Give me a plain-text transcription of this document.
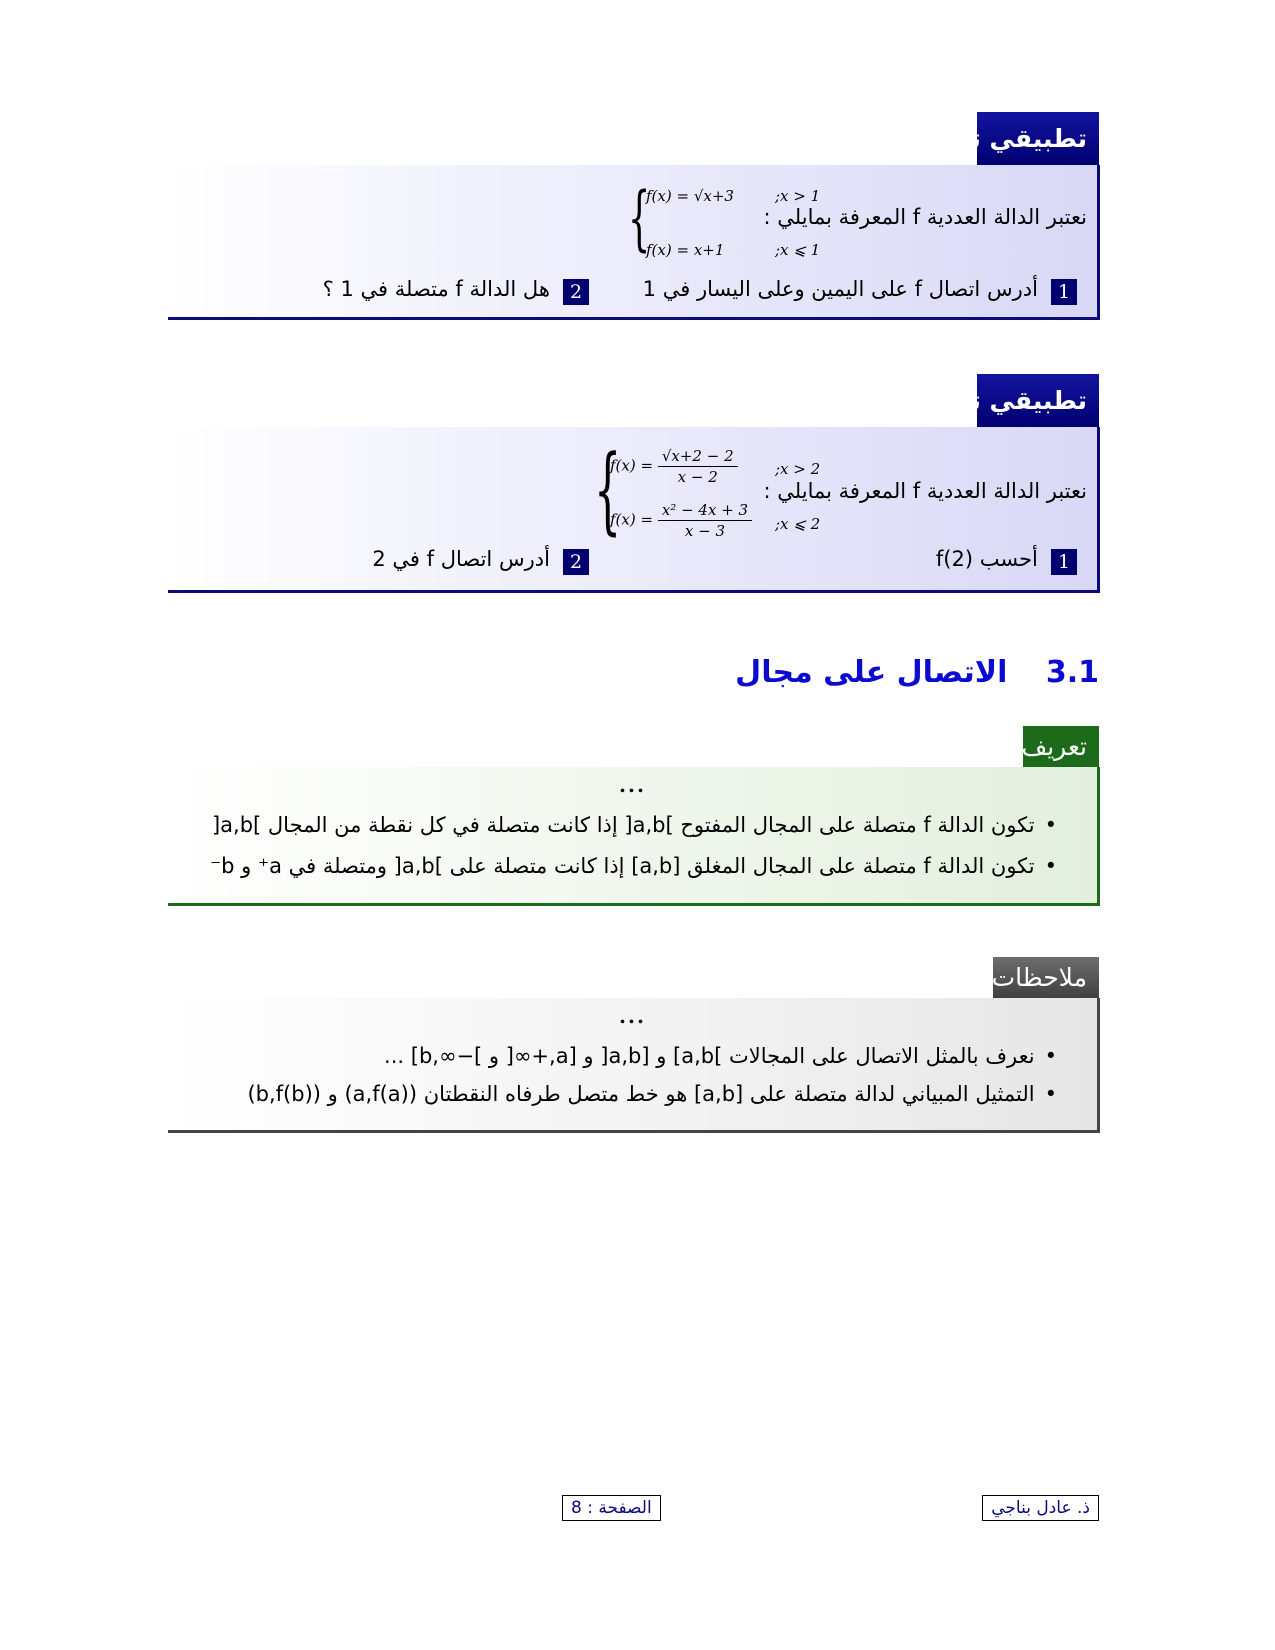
تطبيقي تمرين
نعتبر الدالة العددية f المعرفة بمايلي :
{
f(x) = √x+3	;x > 1
f(x) = x+1	;x ⩽ 1
1 أدرس اتصال f على اليمين وعلى اليسار في 1
2 هل الدالة f متصلة في 1 ؟
تطبيقي تمرين
نعتبر الدالة العددية f المعرفة بمايلي :
{
$f(x) = \frac{√x+2 - 2}{x - 2}$ ;x > 2
$f(x) = \frac{\text{x² − 4x + 3}}{x - 3}$ ;x ⩽ 2
1 أحسب f(2)
2 أدرس اتصال f في 2
3.1 الاتصال على مجال
تعريف
...
•تكون الدالة f متصلة على المجال المفتوح ]a,b[ إذا كانت متصلة في كل نقطة من المجال ]a,b[
•تكون الدالة f متصلة على المجال المغلق [a,b] إذا كانت متصلة على ]a,b[ ومتصلة في a⁺ و b⁻
ملاحظات
...
•نعرف بالمثل الاتصال على المجالات ]a,b] و [a,b[ و [a,+∞[ و ]−∞,b] ...
•التمثيل المبياني لدالة متصلة على [a,b] هو خط متصل طرفاه النقطتان (a,f(a)) و (b,f(b))
الصفحة : 8	ذ. عادل بناجي
